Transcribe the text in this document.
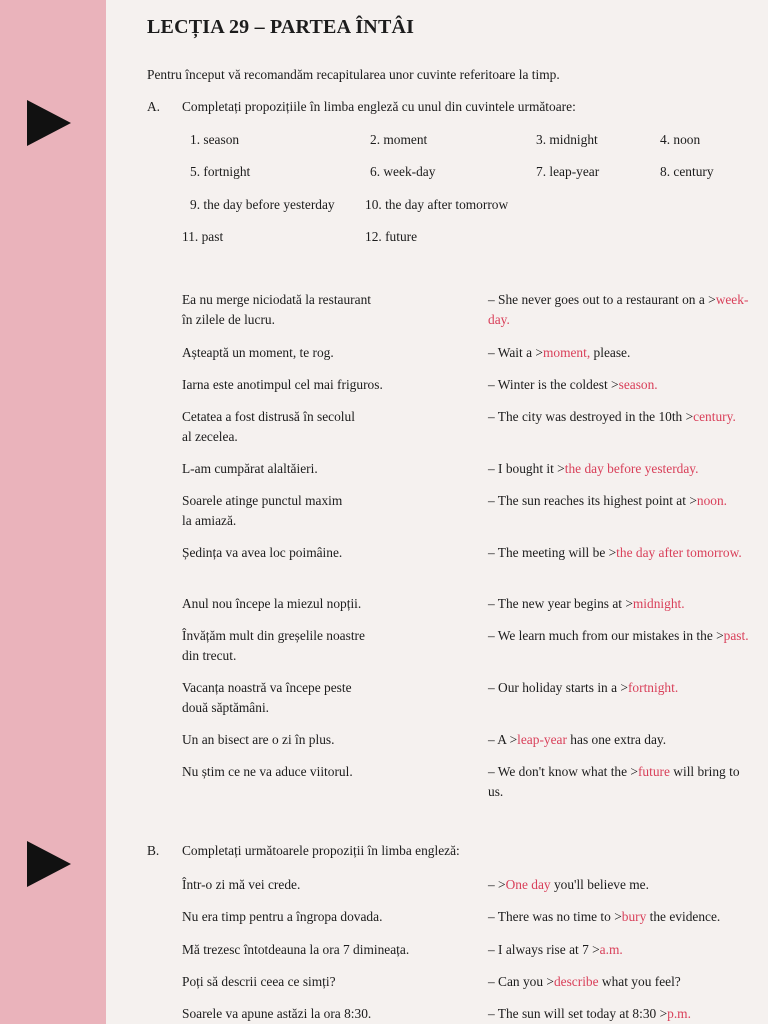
LECȚIA 29 – PARTEA ÎNTÂI
Pentru început vă recomandăm recapitularea unor cuvinte referitoare la timp.
A. Completați propozițiile în limba engleză cu unul din cuvintele următoare:
1. season	2. moment	3. midnight	4. noon
5. fortnight	6. week-day	7. leap-year	8. century
9. the day before yesterday 10. the day after tomorrow
11. past	12. future
Ea nu merge niciodată la restaurant
în zilele de lucru.
– She never goes out to a restaurant on a >week-day.
Așteaptă un moment, te rog.	– Wait a >moment, please.
Iarna este anotimpul cel mai friguros.	– Winter is the coldest >season.
Cetatea a fost distrusă în secolul
al zecelea.
– The city was destroyed in the 10th >century.
L-am cumpărat alaltăieri.	– I bought it >the day before yesterday.
Soarele atinge punctul maxim
la amiază.
– The sun reaches its highest point at >noon.
Ședința va avea loc poimâine.	– The meeting will be >the day after tomorrow.
Anul nou începe la miezul nopții.	– The new year begins at >midnight.
Învățăm mult din greșelile noastre
din trecut.
– We learn much from our mistakes in the >past.
Vacanța noastră va începe peste
două săptămâni.
– Our holiday starts in a >fortnight.
Un an bisect are o zi în plus.	– A >leap-year has one extra day.
Nu știm ce ne va aduce viitorul.	– We don't know what the >future will bring to us.
Într-o zi mă vei crede.	– >One day you'll believe me.
Nu era timp pentru a îngropa dovada.	– There was no time to >bury the evidence.
Mă trezesc întotdeauna la ora 7 dimineața.	– I always rise at 7 >a.m.
Poți să descrii ceea ce simți?	– Can you >describe what you feel?
Soarele va apune astăzi la ora 8:30.	– The sun will set today at 8:30 >p.m.
B. Completați următoarele propoziții în limba engleză:
